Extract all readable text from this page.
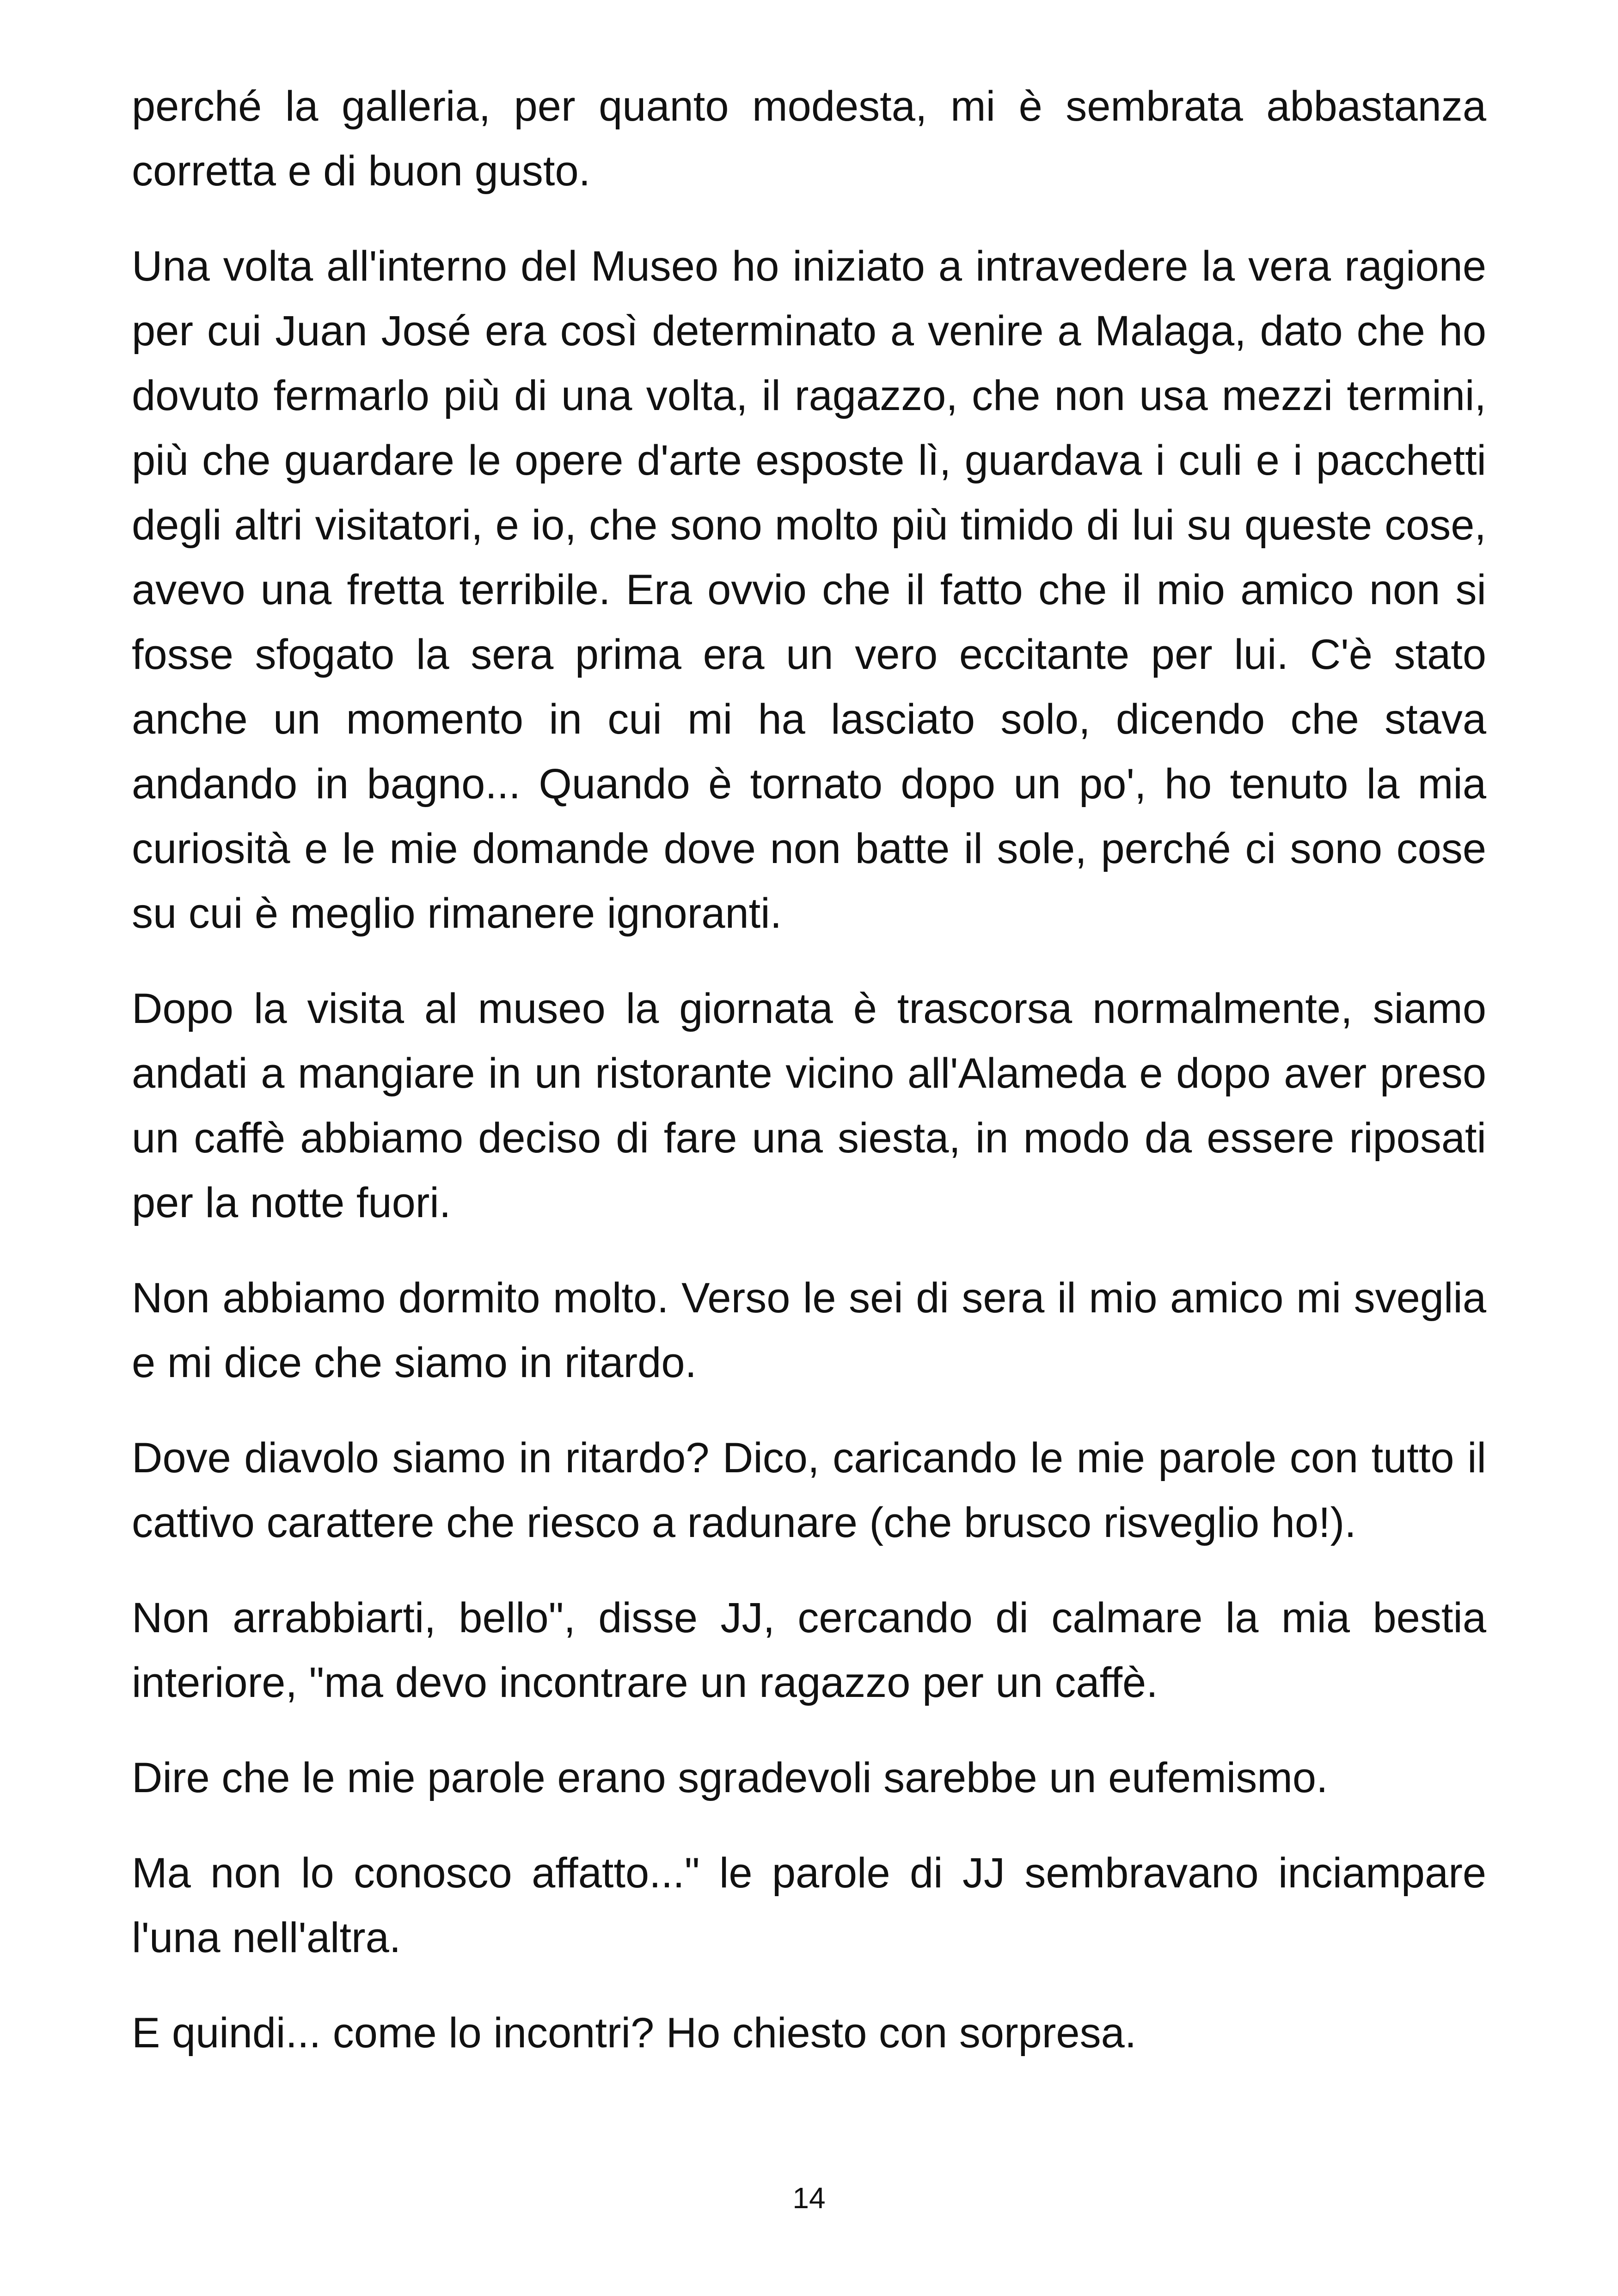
perché la galleria, per quanto modesta, mi è sembrata abbastanza corretta e di buon gusto.

Una volta all'interno del Museo ho iniziato a intravedere la vera ragione per cui Juan José era così determinato a venire a Malaga, dato che ho dovuto fermarlo più di una volta, il ragazzo, che non usa mezzi termini, più che guardare le opere d'arte esposte lì, guardava i culi e i pacchetti degli altri visitatori, e io, che sono molto più timido di lui su queste cose, avevo una fretta terribile. Era ovvio che il fatto che il mio amico non si fosse sfogato la sera prima era un vero eccitante per lui. C'è stato anche un momento in cui mi ha lasciato solo, dicendo che stava andando in bagno... Quando è tornato dopo un po', ho tenuto la mia curiosità e le mie domande dove non batte il sole, perché ci sono cose su cui è meglio rimanere ignoranti.

Dopo la visita al museo la giornata è trascorsa normalmente, siamo andati a mangiare in un ristorante vicino all'Alameda e dopo aver preso un caffè abbiamo deciso di fare una siesta, in modo da essere riposati per la notte fuori.

Non abbiamo dormito molto. Verso le sei di sera il mio amico mi sveglia e mi dice che siamo in ritardo.

Dove diavolo siamo in ritardo? Dico, caricando le mie parole con tutto il cattivo carattere che riesco a radunare (che brusco risveglio ho!).

Non arrabbiarti, bello", disse JJ, cercando di calmare la mia bestia interiore, "ma devo incontrare un ragazzo per un caffè.

Dire che le mie parole erano sgradevoli sarebbe un eufemismo.

Ma non lo conosco affatto..." le parole di JJ sembravano inciampare l'una nell'altra.

E quindi... come lo incontri? Ho chiesto con sorpresa.

14
